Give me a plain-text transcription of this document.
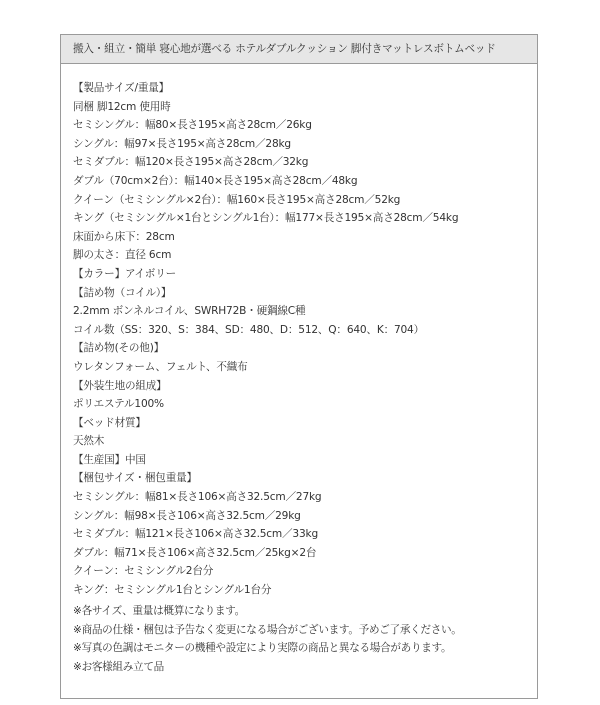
搬入・組立・簡単 寝心地が選べる ホテルダブルクッション 脚付きマットレスボトムベッド
【製品サイズ/重量】
同梱 脚12cm 使用時
セミシングル：幅80×長さ195×高さ28cm／26kg
シングル：幅97×長さ195×高さ28cm／28kg
セミダブル：幅120×長さ195×高さ28cm／32kg
ダブル（70cm×2台）：幅140×長さ195×高さ28cm／48kg
クイーン（セミシングル×2台）：幅160×長さ195×高さ28cm／52kg
キング（セミシングル×1台とシングル1台）：幅177×長さ195×高さ28cm／54kg
床面から床下：28cm
脚の太さ：直径 6cm
【カラー】アイボリー
【詰め物（コイル）】
2.2mm ボンネルコイル、SWRH72B・硬鋼線C種
コイル数（SS：320、S：384、SD：480、D：512、Q：640、K：704）
【詰め物(その他)】
ウレタンフォーム、フェルト、不織布
【外装生地の組成】
ポリエステル100%
【ベッド材質】
天然木
【生産国】中国
【梱包サイズ・梱包重量】
セミシングル：幅81×長さ106×高さ32.5cm／27kg
シングル：幅98×長さ106×高さ32.5cm／29kg
セミダブル：幅121×長さ106×高さ32.5cm／33kg
ダブル：幅71×長さ106×高さ32.5cm／25kg×2台
クイーン：セミシングル2台分
キング：セミシングル1台とシングル1台分
※各サイズ、重量は概算になります。
※商品の仕様・梱包は予告なく変更になる場合がございます。予めご了承ください。
※写真の色調はモニターの機種や設定により実際の商品と異なる場合があります。
※お客様組み立て品
